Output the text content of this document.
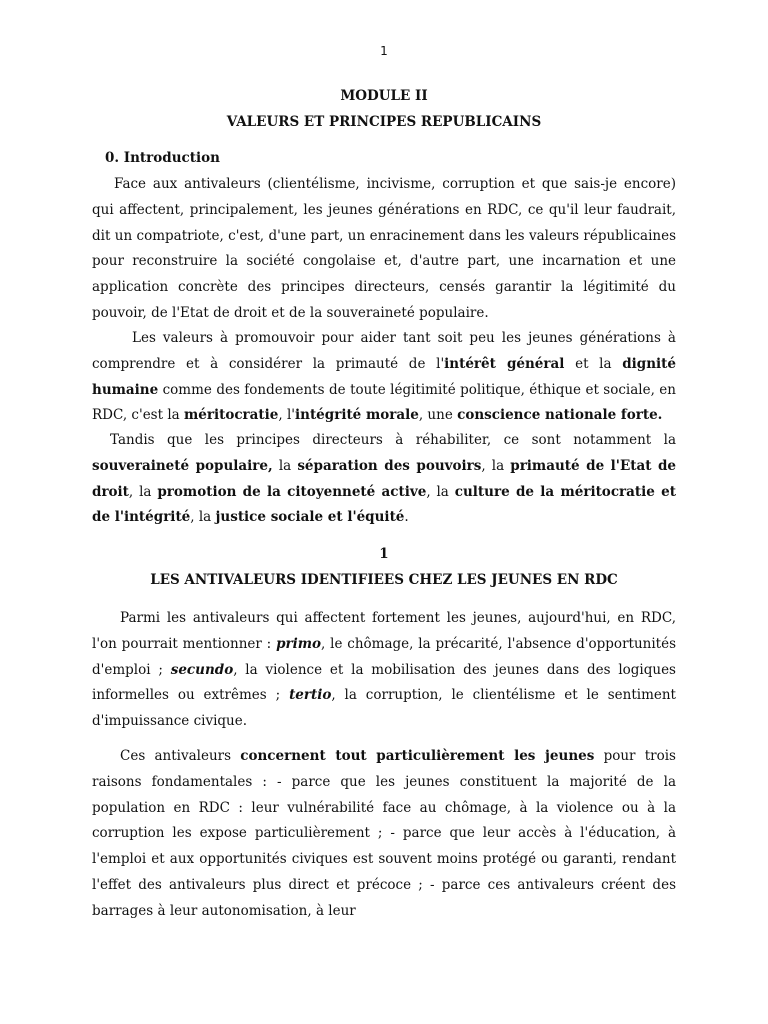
1
MODULE II
VALEURS ET PRINCIPES REPUBLICAINS
0. Introduction

Face aux antivaleurs (clientélisme, incivisme, corruption et que sais-je encore) qui affectent, principalement, les jeunes générations en RDC, ce qu'il leur faudrait, dit un compatriote, c'est, d'une part, un enracinement dans les valeurs républicaines pour reconstruire la société congolaise et, d'autre part, une incarnation et une application concrète des principes directeurs, censés garantir la légitimité du pouvoir, de l'Etat de droit et de la souveraineté populaire.

Les valeurs à promouvoir pour aider tant soit peu les jeunes générations à comprendre et à considérer la primauté de l'intérêt général et la dignité humaine comme des fondements de toute légitimité politique, éthique et sociale, en RDC, c'est la méritocratie, l'intégrité morale, une conscience nationale forte.

Tandis que les principes directeurs à réhabiliter, ce sont notamment la souveraineté populaire, la séparation des pouvoirs, la primauté de l'Etat de droit, la promotion de la citoyenneté active, la culture de la méritocratie et de l'intégrité, la justice sociale et l'équité.

1
LES ANTIVALEURS IDENTIFIEES CHEZ LES JEUNES EN RDC

Parmi les antivaleurs qui affectent fortement les jeunes, aujourd'hui, en RDC, l'on pourrait mentionner : primo, le chômage, la précarité, l'absence d'opportunités d'emploi ; secundo, la violence et la mobilisation des jeunes dans des logiques informelles ou extrêmes ; tertio, la corruption, le clientélisme et le sentiment d'impuissance civique.

Ces antivaleurs concernent tout particulièrement les jeunes pour trois raisons fondamentales : - parce que les jeunes constituent la majorité de la population en RDC : leur vulnérabilité face au chômage, à la violence ou à la corruption les expose particulièrement ; - parce que leur accès à l'éducation, à l'emploi et aux opportunités civiques est souvent moins protégé ou garanti, rendant l'effet des antivaleurs plus direct et précoce ; - parce ces antivaleurs créent des barrages à leur autonomisation, à leur
